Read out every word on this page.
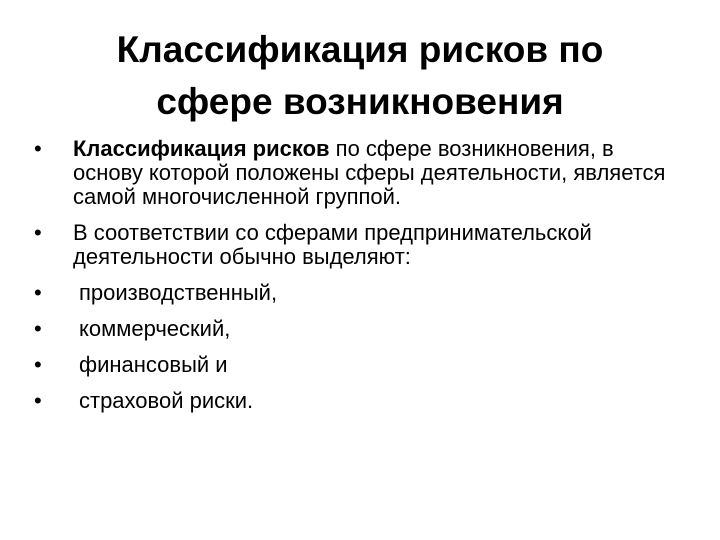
Классификация рисков по
сфере возникновения
• Классификация рисков по сфере возникновения, в основу которой положены сферы деятельности, является самой многочисленной группой.
• В соответствии со сферами предпринимательской деятельности обычно выделяют:
• производственный,
• коммерческий,
• финансовый и
• страховой риски.
